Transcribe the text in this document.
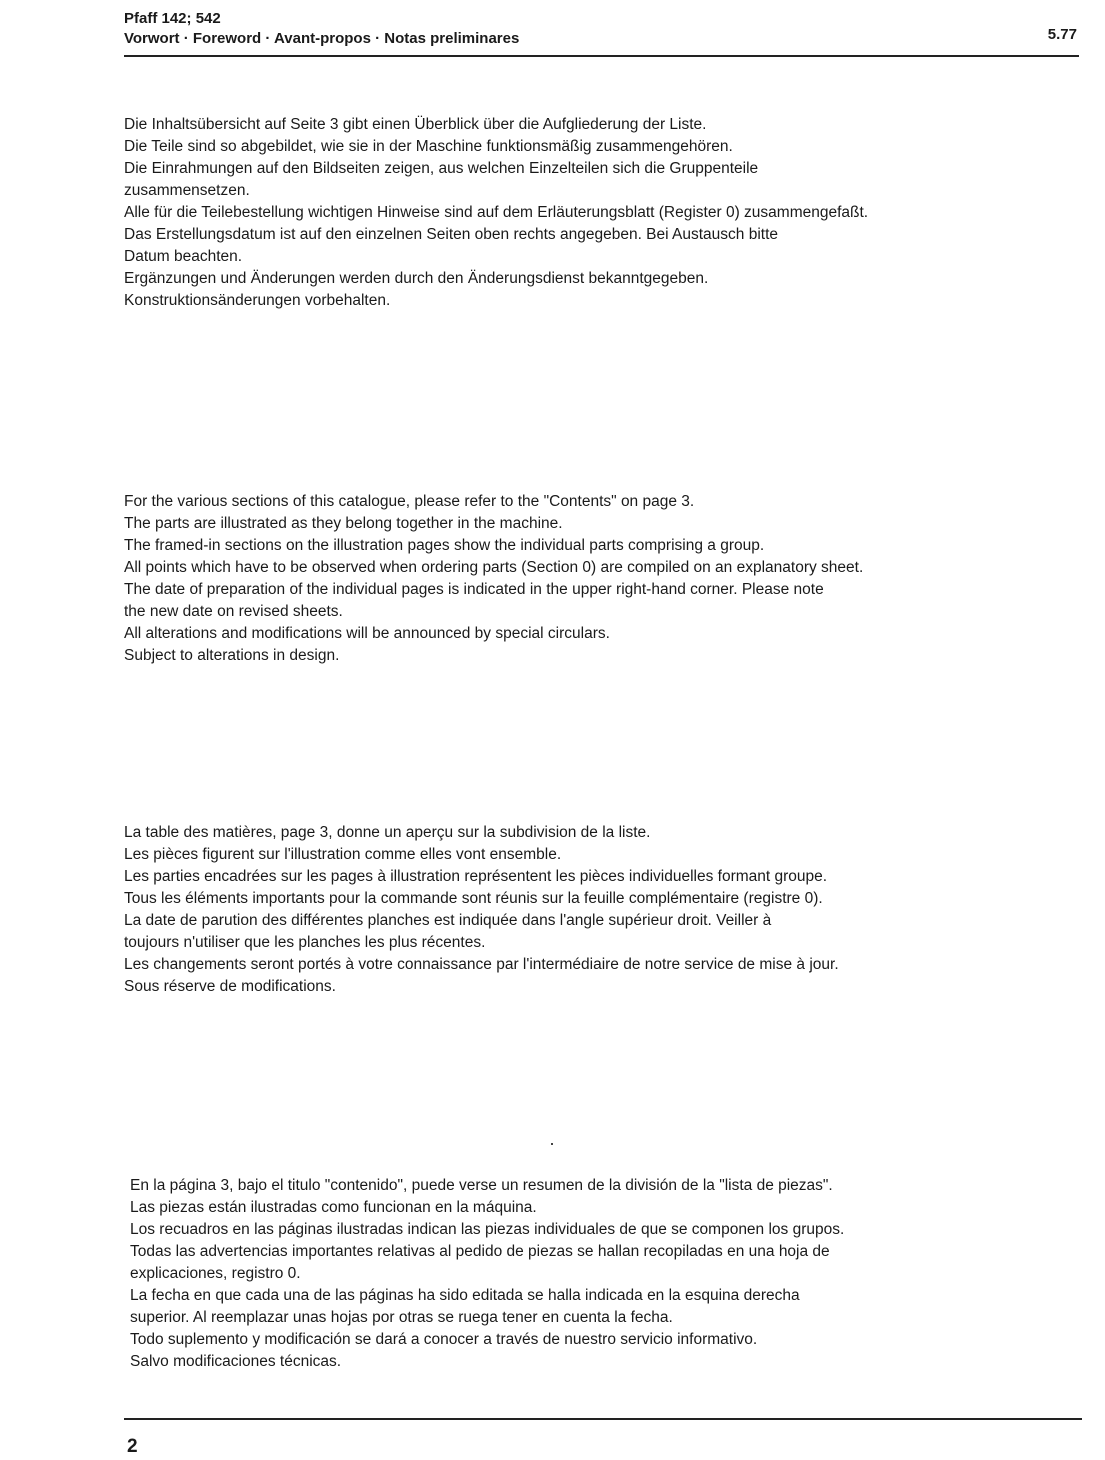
Pfaff 142; 542
Vorwort · Foreword · Avant-propos · Notas preliminares	5.77
Die Inhaltsübersicht auf Seite 3 gibt einen Überblick über die Aufgliederung der Liste.
Die Teile sind so abgebildet, wie sie in der Maschine funktionsmäßig zusammengehören.
Die Einrahmungen auf den Bildseiten zeigen, aus welchen Einzelteilen sich die Gruppenteile
zusammensetzen.
Alle für die Teilebestellung wichtigen Hinweise sind auf dem Erläuterungsblatt (Register 0) zusammengefaßt.
Das Erstellungsdatum ist auf den einzelnen Seiten oben rechts angegeben. Bei Austausch bitte
Datum beachten.
Ergänzungen und Änderungen werden durch den Änderungsdienst bekanntgegeben.
Konstruktionsänderungen vorbehalten.
For the various sections of this catalogue, please refer to the "Contents" on page 3.
The parts are illustrated as they belong together in the machine.
The framed-in sections on the illustration pages show the individual parts comprising a group.
All points which have to be observed when ordering parts (Section 0) are compiled on an explanatory sheet.
The date of preparation of the individual pages is indicated in the upper right-hand corner. Please note
the new date on revised sheets.
All alterations and modifications will be announced by special circulars.
Subject to alterations in design.
La table des matières, page 3, donne un aperçu sur la subdivision de la liste.
Les pièces figurent sur l'illustration comme elles vont ensemble.
Les parties encadrées sur les pages à illustration représentent les pièces individuelles formant groupe.
Tous les éléments importants pour la commande sont réunis sur la feuille complémentaire (registre 0).
La date de parution des différentes planches est indiquée dans l'angle supérieur droit. Veiller à
toujours n'utiliser que les planches les plus récentes.
Les changements seront portés à votre connaissance par l'intermédiaire de notre service de mise à jour.
Sous réserve de modifications.
En la página 3, bajo el titulo "contenido", puede verse un resumen de la división de la "lista de piezas".
Las piezas están ilustradas como funcionan en la máquina.
Los recuadros en las páginas ilustradas indican las piezas individuales de que se componen los grupos.
Todas las advertencias importantes relativas al pedido de piezas se hallan recopiladas en una hoja de
explicaciones, registro 0.
La fecha en que cada una de las páginas ha sido editada se halla indicada en la esquina derecha
superior. Al reemplazar unas hojas por otras se ruega tener en cuenta la fecha.
Todo suplemento y modificación se dará a conocer a través de nuestro servicio informativo.
Salvo modificaciones técnicas.
2
